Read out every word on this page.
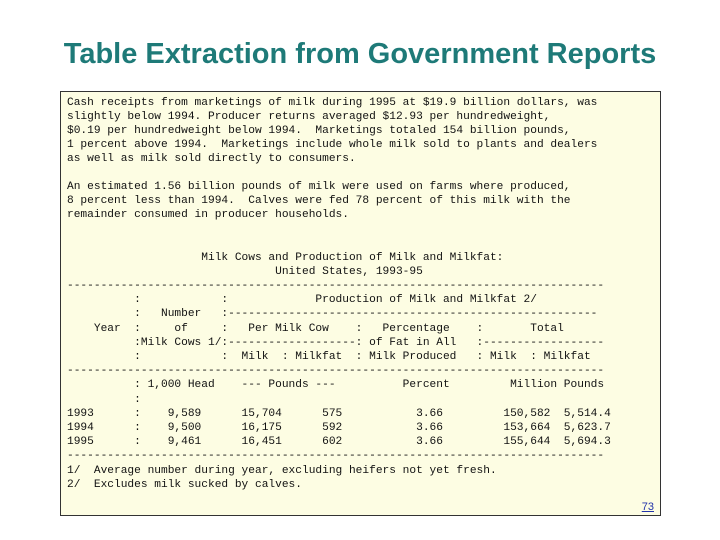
Table Extraction from Government Reports
Cash receipts from marketings of milk during 1995 at $19.9 billion dollars, was
slightly below 1994. Producer returns averaged $12.93 per hundredweight,
$0.19 per hundredweight below 1994.  Marketings totaled 154 billion pounds,
1 percent above 1994.  Marketings include whole milk sold to plants and dealers
as well as milk sold directly to consumers.
An estimated 1.56 billion pounds of milk were used on farms where produced,
8 percent less than 1994.  Calves were fed 78 percent of this milk with the
remainder consumed in producer households.
Milk Cows and Production of Milk and Milkfat:
United States, 1993-95
--------------------------------------------------------------------------------
:            :             Production of Milk and Milkfat 2/
:   Number   :-------------------------------------------------------
Year  :     of     :   Per Milk Cow    :   Percentage    :       Total
:Milk Cows 1/:-------------------: of Fat in All   :------------------
:            :  Milk  : Milkfat  : Milk Produced   : Milk  : Milkfat
--------------------------------------------------------------------------------
: 1,000 Head    --- Pounds ---          Percent         Million Pounds
:
1993      :    9,589      15,704      575           3.66         150,582  5,514.4
1994      :    9,500      16,175      592           3.66         153,664  5,623.7
1995      :    9,461      16,451      602           3.66         155,644  5,694.3
--------------------------------------------------------------------------------
1/  Average number during year, excluding heifers not yet fresh.
2/  Excludes milk sucked by calves.
73
